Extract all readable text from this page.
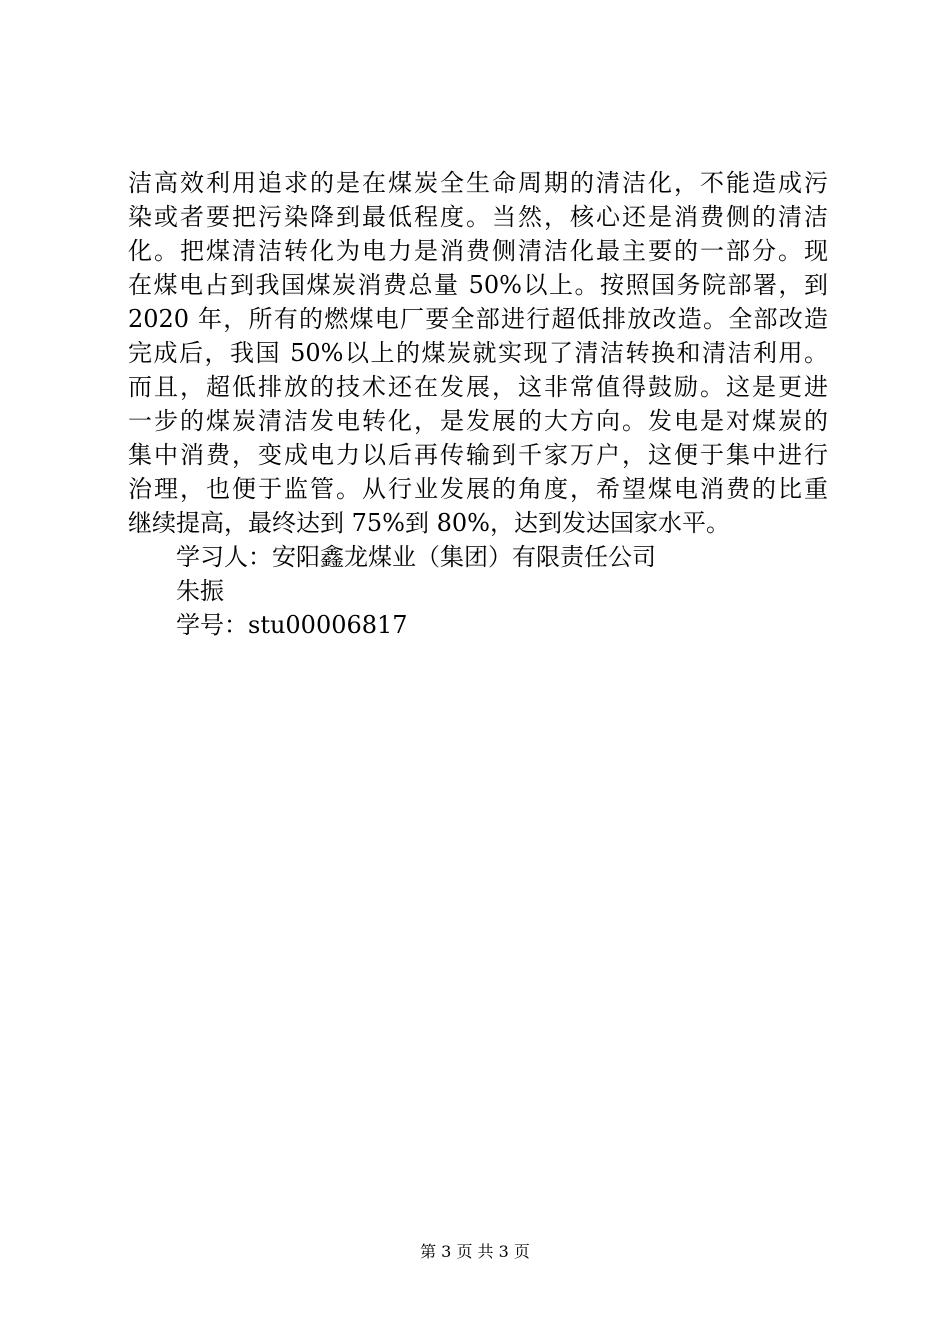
洁高效利用追求的是在煤炭全生命周期的清洁化，不能造成污
染或者要把污染降到最低程度。当然，核心还是消费侧的清洁
化。把煤清洁转化为电力是消费侧清洁化最主要的一部分。现
在煤电占到我国煤炭消费总量 50%以上。按照国务院部署，到
2020 年，所有的燃煤电厂要全部进行超低排放改造。全部改造
完成后，我国 50%以上的煤炭就实现了清洁转换和清洁利用。
而且，超低排放的技术还在发展，这非常值得鼓励。这是更进
一步的煤炭清洁发电转化，是发展的大方向。发电是对煤炭的
集中消费，变成电力以后再传输到千家万户，这便于集中进行
治理，也便于监管。从行业发展的角度，希望煤电消费的比重
继续提高，最终达到 75%到 80%，达到发达国家水平。
学习人：安阳鑫龙煤业（集团）有限责任公司
朱振
学号：stu00006817
第 3 页 共 3 页
